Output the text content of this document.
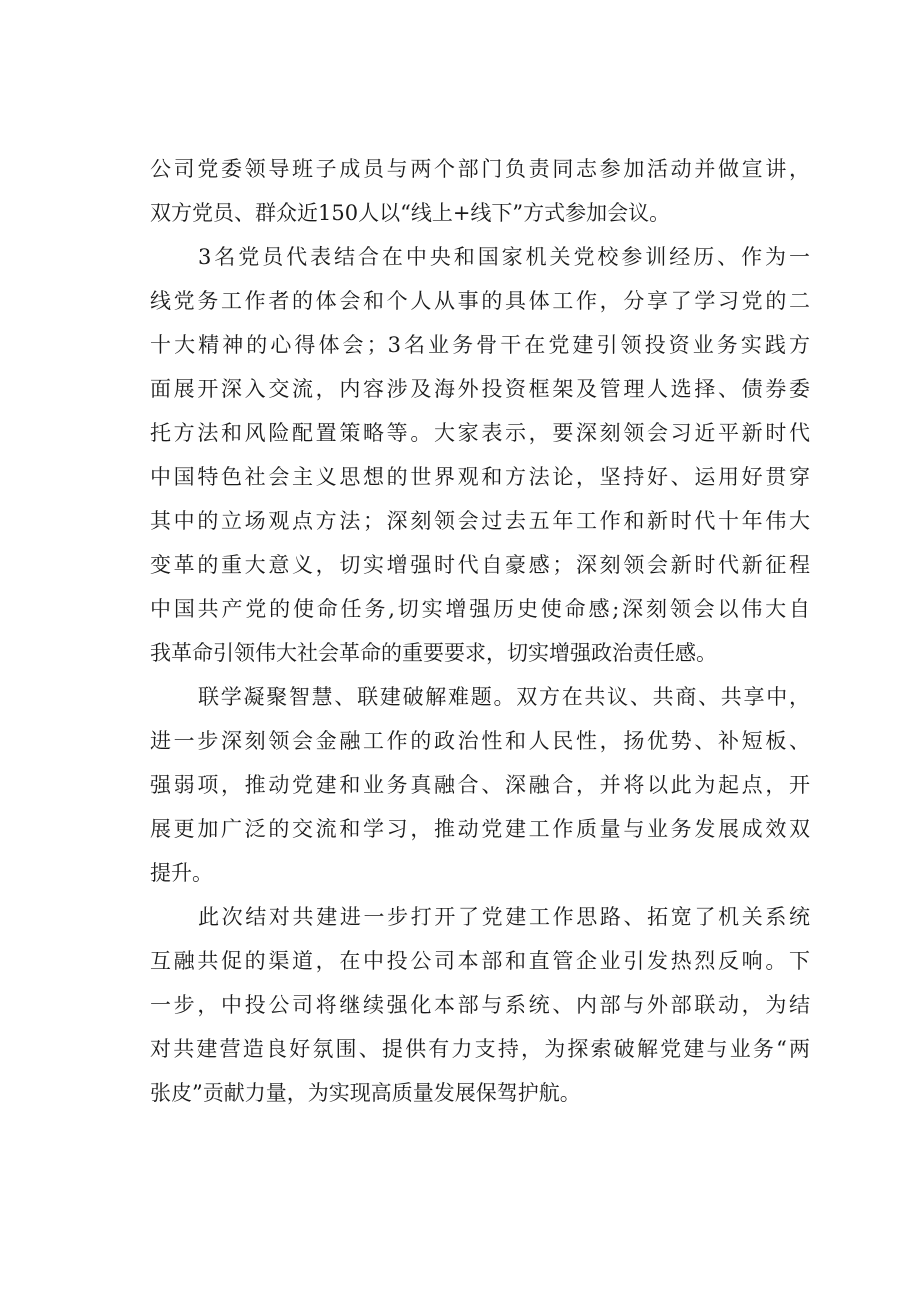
公司党委领导班子成员与两个部门负责同志参加活动并做宣讲，

双方党员、群众近150人以“线上+线下”方式参加会议。

3名党员代表结合在中央和国家机关党校参训经历、作为一

线党务工作者的体会和个人从事的具体工作，分享了学习党的二

十大精神的心得体会；3名业务骨干在党建引领投资业务实践方

面展开深入交流，内容涉及海外投资框架及管理人选择、债券委

托方法和风险配置策略等。大家表示，要深刻领会习近平新时代

中国特色社会主义思想的世界观和方法论，坚持好、运用好贯穿

其中的立场观点方法；深刻领会过去五年工作和新时代十年伟大

变革的重大意义，切实增强时代自豪感；深刻领会新时代新征程

中国共产党的使命任务,切实增强历史使命感;深刻领会以伟大自

我革命引领伟大社会革命的重要要求，切实增强政治责任感。

联学凝聚智慧、联建破解难题。双方在共议、共商、共享中，

进一步深刻领会金融工作的政治性和人民性，扬优势、补短板、

强弱项，推动党建和业务真融合、深融合，并将以此为起点，开

展更加广泛的交流和学习，推动党建工作质量与业务发展成效双

提升。

此次结对共建进一步打开了党建工作思路、拓宽了机关系统

互融共促的渠道，在中投公司本部和直管企业引发热烈反响。下

一步，中投公司将继续强化本部与系统、内部与外部联动，为结

对共建营造良好氛围、提供有力支持，为探索破解党建与业务“两

张皮”贡献力量，为实现高质量发展保驾护航。
